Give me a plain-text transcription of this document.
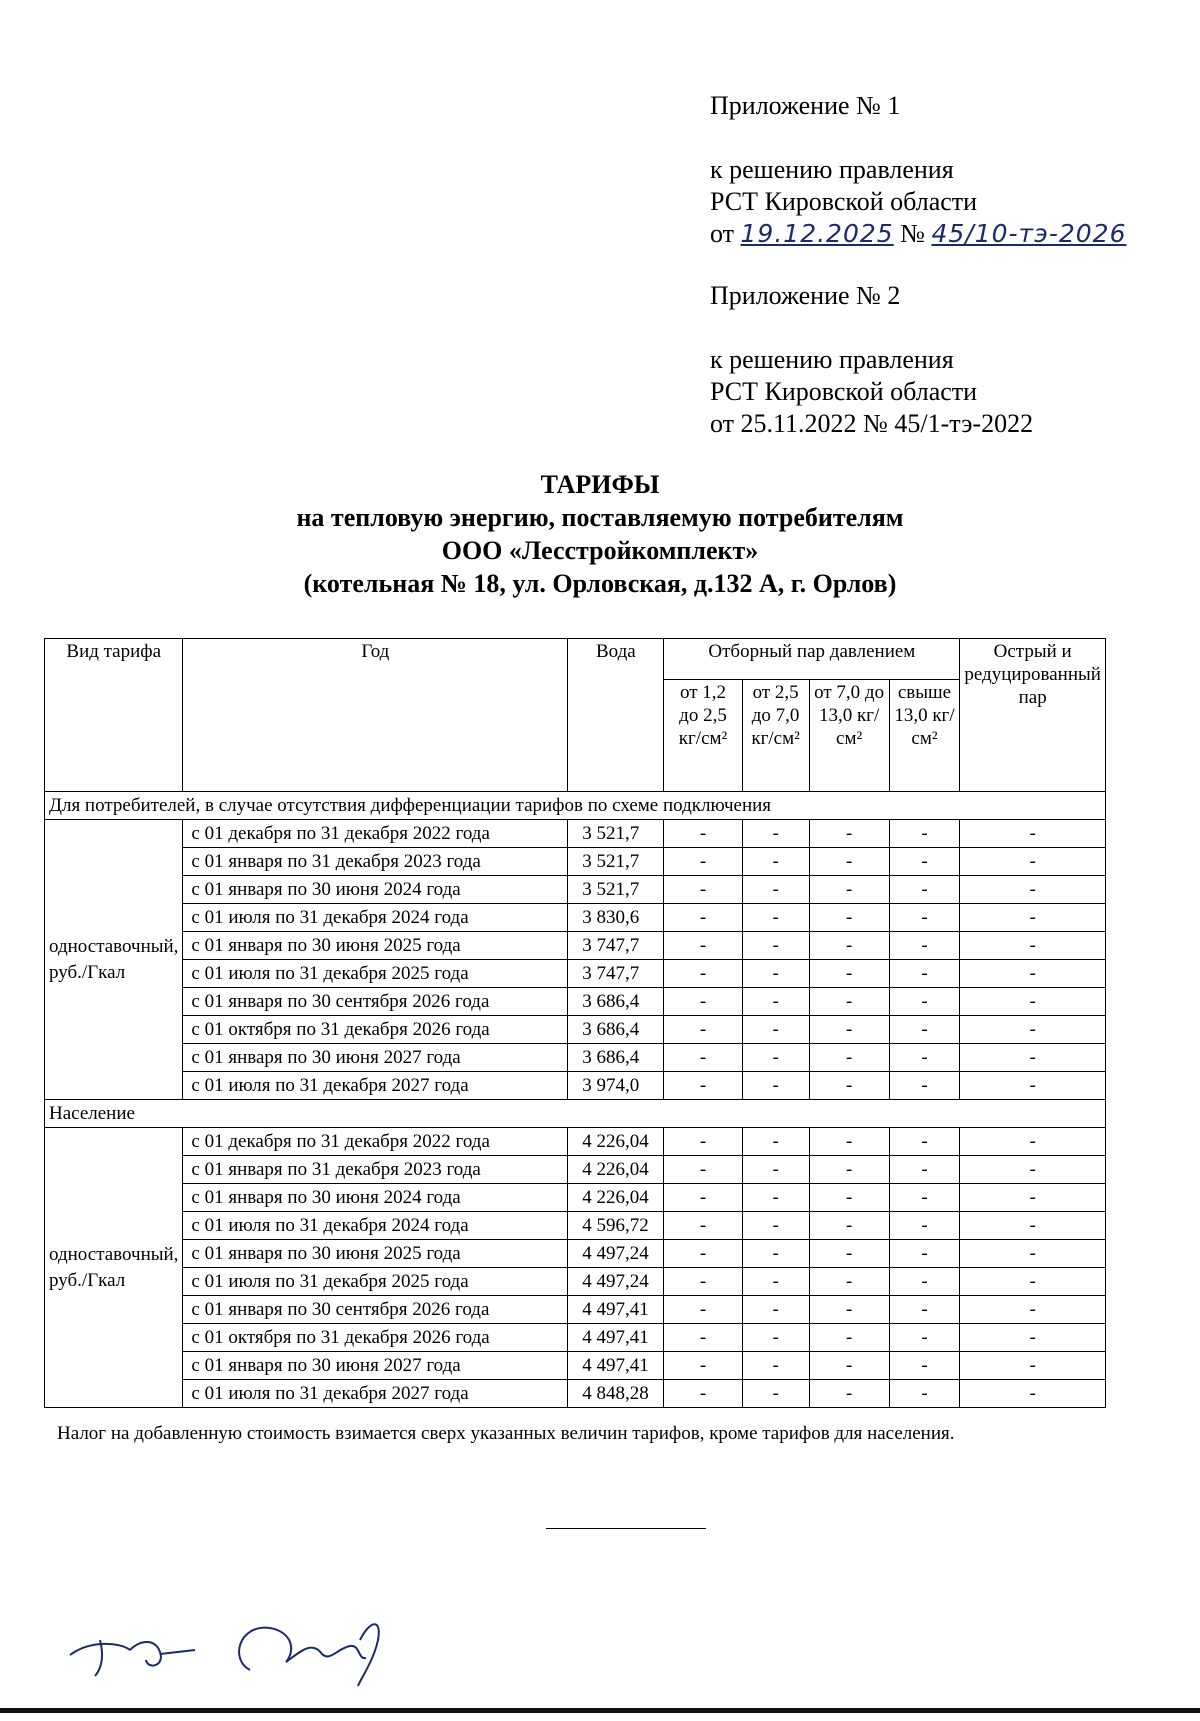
Приложение № 1

к решению правления

РСТ Кировской области

от 19.12.2025 № 45/10-тэ-2026

Приложение № 2

к решению правления

РСТ Кировской области

от 25.11.2022 № 45/1-тэ-2022

ТАРИФЫ

на тепловую энергию, поставляемую потребителям

ООО «Лесстройкомплект»

(котельная № 18, ул. Орловская, д.132 А, г. Орлов)

Вид тарифа	Год	Вода	Отборный пар давлением				Острый и редуцированный пар
			от 1,2 до 2,5 кг/см²	от 2,5 до 7,0 кг/см²	от 7,0 до 13,0 кг/см²	свыше 13,0 кг/см²	
Для потребителей, в случае отсутствия дифференциации тарифов по схеме подключения							
одноставочный, руб./Гкал	с 01 декабря по 31 декабря 2022 года	3 521,7	-	-	-	-	-
	с 01 января по 31 декабря 2023 года	3 521,7	-	-	-	-	-
	с 01 января по 30 июня 2024 года	3 521,7	-	-	-	-	-
	с 01 июля по 31 декабря 2024 года	3 830,6	-	-	-	-	-
	с 01 января по 30 июня 2025 года	3 747,7	-	-	-	-	-
	с 01 июля по 31 декабря 2025 года	3 747,7	-	-	-	-	-
	с 01 января по 30 сентября 2026 года	3 686,4	-	-	-	-	-
	с 01 октября по 31 декабря 2026 года	3 686,4	-	-	-	-	-
	с 01 января по 30 июня 2027 года	3 686,4	-	-	-	-	-
	с 01 июля по 31 декабря 2027 года	3 974,0	-	-	-	-	-
Население							
одноставочный, руб./Гкал	с 01 декабря по 31 декабря 2022 года	4 226,04	-	-	-	-	-
	с 01 января по 31 декабря 2023 года	4 226,04	-	-	-	-	-
	с 01 января по 30 июня 2024 года	4 226,04	-	-	-	-	-
	с 01 июля по 31 декабря 2024 года	4 596,72	-	-	-	-	-
	с 01 января по 30 июня 2025 года	4 497,24	-	-	-	-	-
	с 01 июля по 31 декабря 2025 года	4 497,24	-	-	-	-	-
	с 01 января по 30 сентября 2026 года	4 497,41	-	-	-	-	-
	с 01 октября по 31 декабря 2026 года	4 497,41	-	-	-	-	-
	с 01 января по 30 июня 2027 года	4 497,41	-	-	-	-	-
	с 01 июля по 31 декабря 2027 года	4 848,28	-	-	-	-	-
Налог на добавленную стоимость взимается сверх указанных величин тарифов, кроме тарифов для населения.
